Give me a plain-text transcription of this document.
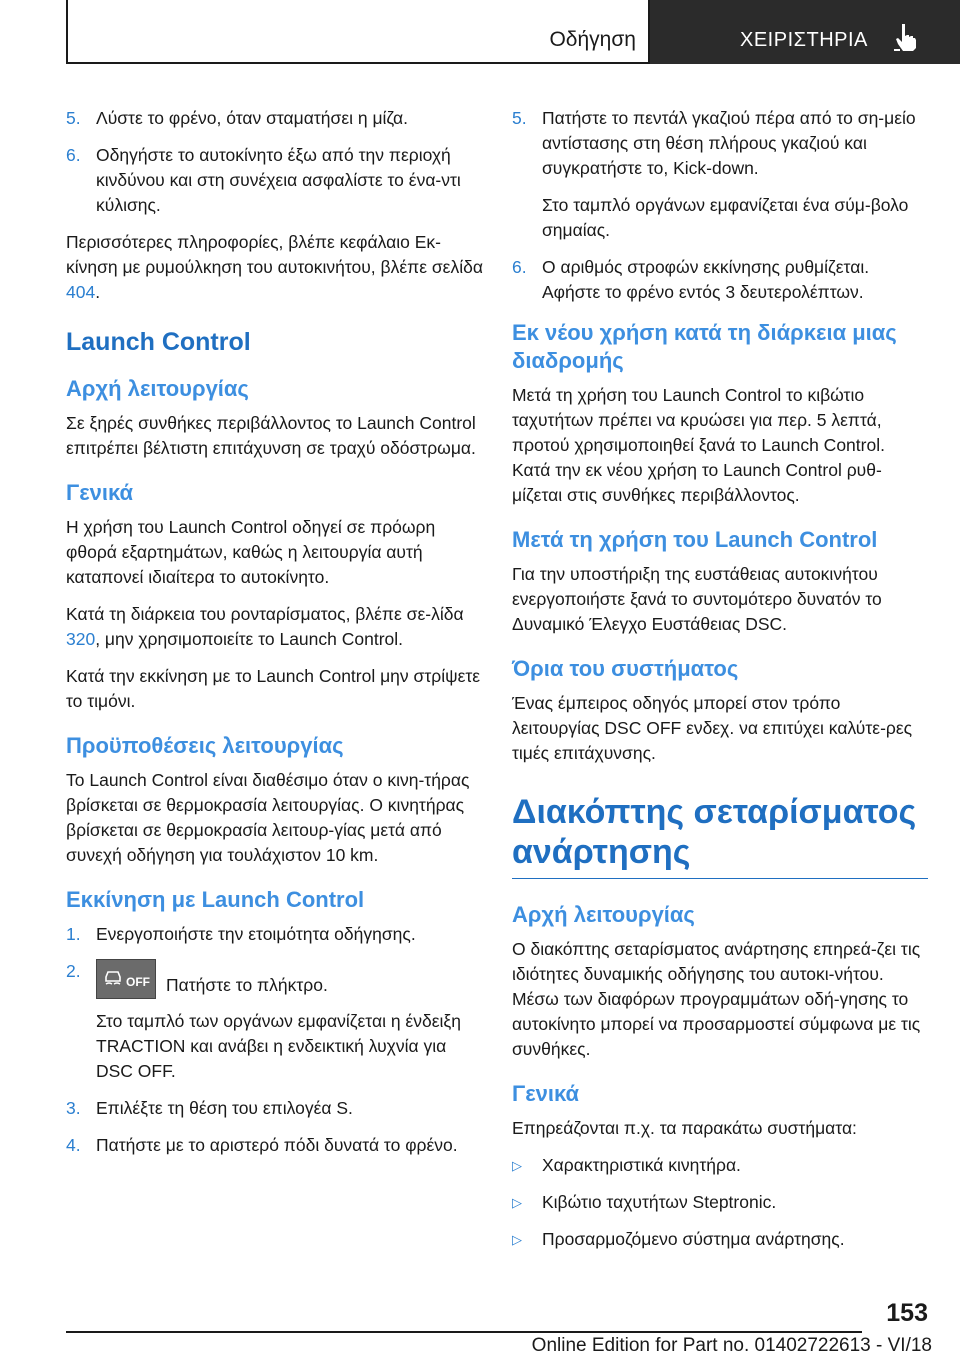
Οδήγηση	ΧΕΙΡΙΣΤΗΡΙΑ
5. Λύστε το φρένο, όταν σταματήσει η μίζα.
6. Οδηγήστε το αυτοκίνητο έξω από την περιοχή κινδύνου και στη συνέχεια ασφαλίστε το ένα-ντι κύλισης.

Περισσότερες πληροφορίες, βλέπε κεφάλαιο Εκ-κίνηση με ρυμούλκηση του αυτοκινήτου, βλέπε σελίδα 404.

Launch Control
Αρχή λειτουργίας

Σε ξηρές συνθήκες περιβάλλοντος το Launch Control επιτρέπει βέλτιστη επιτάχυνση σε τραχύ οδόστρωμα.

Γενικά

Η χρήση του Launch Control οδηγεί σε πρόωρη φθορά εξαρτημάτων, καθώς η λειτουργία αυτή καταπονεί ιδιαίτερα το αυτοκίνητο.

Κατά τη διάρκεια του ρονταρίσματος, βλέπε σε-λίδα 320, μην χρησιμοποιείτε το Launch Control.

Κατά την εκκίνηση με το Launch Control μην στρίψετε το τιμόνι.

Προϋποθέσεις λειτουργίας

Το Launch Control είναι διαθέσιμο όταν ο κινη-τήρας βρίσκεται σε θερμοκρασία λειτουργίας. Ο κινητήρας βρίσκεται σε θερμοκρασία λειτουρ-γίας μετά από συνεχή οδήγηση για τουλάχιστον 10 km.

Εκκίνηση με Launch Control
1. Ενεργοποιήστε την ετοιμότητα οδήγησης.
2.
OFF Πατήστε το πλήκτρο.

Στο ταμπλό των οργάνων εμφανίζεται η ένδειξη TRACTION και ανάβει η ενδεικτική λυχνία για DSC OFF.

3. Επιλέξτε τη θέση του επιλογέα S.
4. Πατήστε με το αριστερό πόδι δυνατά το φρένο.
5. Πατήστε το πεντάλ γκαζιού πέρα από το ση-μείο αντίστασης στη θέση πλήρους γκαζιού και συγκρατήστε το, Kick-down.

Στο ταμπλό οργάνων εμφανίζεται ένα σύμ-βολο σημαίας.

6. Ο αριθμός στροφών εκκίνησης ρυθμίζεται. Αφήστε το φρένο εντός 3 δευτερολέπτων.
Εκ νέου χρήση κατά τη διάρκεια μιας διαδρομής

Μετά τη χρήση του Launch Control το κιβώτιο ταχυτήτων πρέπει να κρυώσει για περ. 5 λεπτά, προτού χρησιμοποιηθεί ξανά το Launch Control. Κατά την εκ νέου χρήση το Launch Control ρυθ-μίζεται στις συνθήκες περιβάλλοντος.

Μετά τη χρήση του Launch Control

Για την υποστήριξη της ευστάθειας αυτοκινήτου ενεργοποιήστε ξανά το συντομότερο δυνατόν το Δυναμικό Έλεγχο Ευστάθειας DSC.

Όρια του συστήματος

Ένας έμπειρος οδηγός μπορεί στον τρόπο λειτουργίας DSC OFF ενδεχ. να επιτύχει καλύτε-ρες τιμές επιτάχυνσης.

Διακόπτης σεταρίσματος ανάρτησης
Αρχή λειτουργίας

Ο διακόπτης σεταρίσματος ανάρτησης επηρεά-ζει τις ιδιότητες δυναμικής οδήγησης του αυτοκι-νήτου. Μέσω των διαφόρων προγραμμάτων οδή-γησης το αυτοκίνητο μπορεί να προσαρμοστεί σύμφωνα με τις συνθήκες.

Γενικά

Επηρεάζονται π.χ. τα παρακάτω συστήματα:

▷	Χαρακτηριστικά κινητήρα.
▷	Κιβώτιο ταχυτήτων Steptronic.
▷	Προσαρμοζόμενο σύστημα ανάρτησης.
153
Online Edition for Part no. 01402722613 - VI/18
